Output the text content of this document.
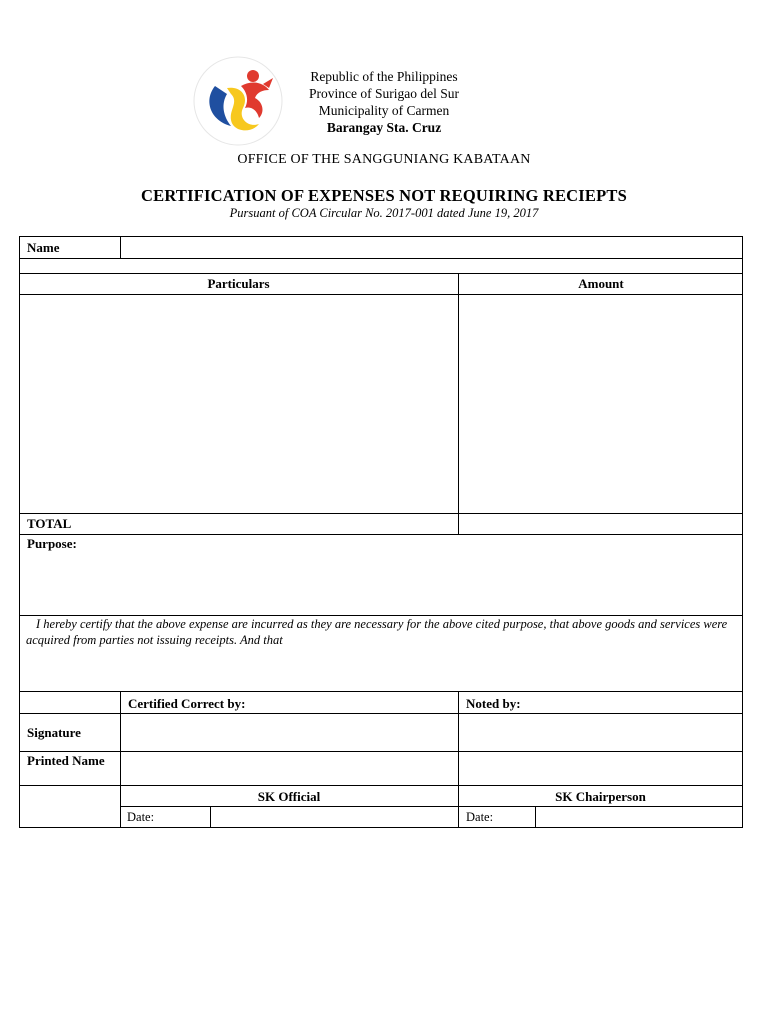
Republic of the Philippines
Province of Surigao del Sur
Municipality of Carmen
Barangay Sta. Cruz
OFFICE OF THE SANGGUNIANG KABATAAN
CERTIFICATION OF EXPENSES NOT REQUIRING RECIEPTS
Pursuant of COA Circular No. 2017-001 dated June 19, 2017
Name
Particulars	Amount
TOTAL
Purpose:
I hereby certify that the above expense are incurred as they are necessary for the above cited purpose, that above goods and services were acquired from parties not issuing receipts. And that
Certified Correct by:	Noted by:
Signature
Printed Name
SK Official	SK Chairperson
Date:	Date:
